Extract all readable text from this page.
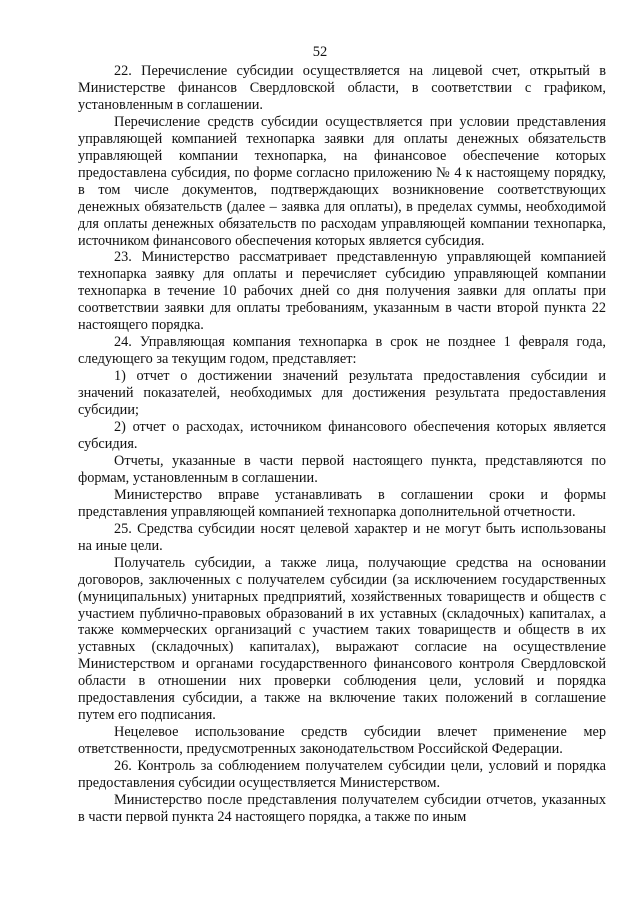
52

22. Перечисление субсидии осуществляется на лицевой счет, открытый в Министерстве финансов Свердловской области, в соответствии с графиком, установленным в соглашении.

Перечисление средств субсидии осуществляется при условии представления управляющей компанией технопарка заявки для оплаты денежных обязательств управляющей компании технопарка, на финансовое обеспечение которых предоставлена субсидия, по форме согласно приложению № 4 к настоящему порядку, в том числе документов, подтверждающих возникновение соответствующих денежных обязательств (далее – заявка для оплаты), в пределах суммы, необходимой для оплаты денежных обязательств по расходам управляющей компании технопарка, источником финансового обеспечения которых является субсидия.

23. Министерство рассматривает представленную управляющей компанией технопарка заявку для оплаты и перечисляет субсидию управляющей компании технопарка в течение 10 рабочих дней со дня получения заявки для оплаты при соответствии заявки для оплаты требованиям, указанным в части второй пункта 22 настоящего порядка.

24. Управляющая компания технопарка в срок не позднее 1 февраля года, следующего за текущим годом, представляет:

1) отчет о достижении значений результата предоставления субсидии и значений показателей, необходимых для достижения результата предоставления субсидии;

2) отчет о расходах, источником финансового обеспечения которых является субсидия.

Отчеты, указанные в части первой настоящего пункта, представляются по формам, установленным в соглашении.

Министерство вправе устанавливать в соглашении сроки и формы представления управляющей компанией технопарка дополнительной отчетности.

25. Средства субсидии носят целевой характер и не могут быть использованы на иные цели.

Получатель субсидии, а также лица, получающие средства на основании договоров, заключенных с получателем субсидии (за исключением государственных (муниципальных) унитарных предприятий, хозяйственных товариществ и обществ с участием публично-правовых образований в их уставных (складочных) капиталах, а также коммерческих организаций с участием таких товариществ и обществ в их уставных (складочных) капиталах), выражают согласие на осуществление Министерством и органами государственного финансового контроля Свердловской области в отношении них проверки соблюдения цели, условий и порядка предоставления субсидии, а также на включение таких положений в соглашение путем его подписания.

Нецелевое использование средств субсидии влечет применение мер ответственности, предусмотренных законодательством Российской Федерации.

26. Контроль за соблюдением получателем субсидии цели, условий и порядка предоставления субсидии осуществляется Министерством.

Министерство после представления получателем субсидии отчетов, указанных в части первой пункта 24 настоящего порядка, а также по иным
